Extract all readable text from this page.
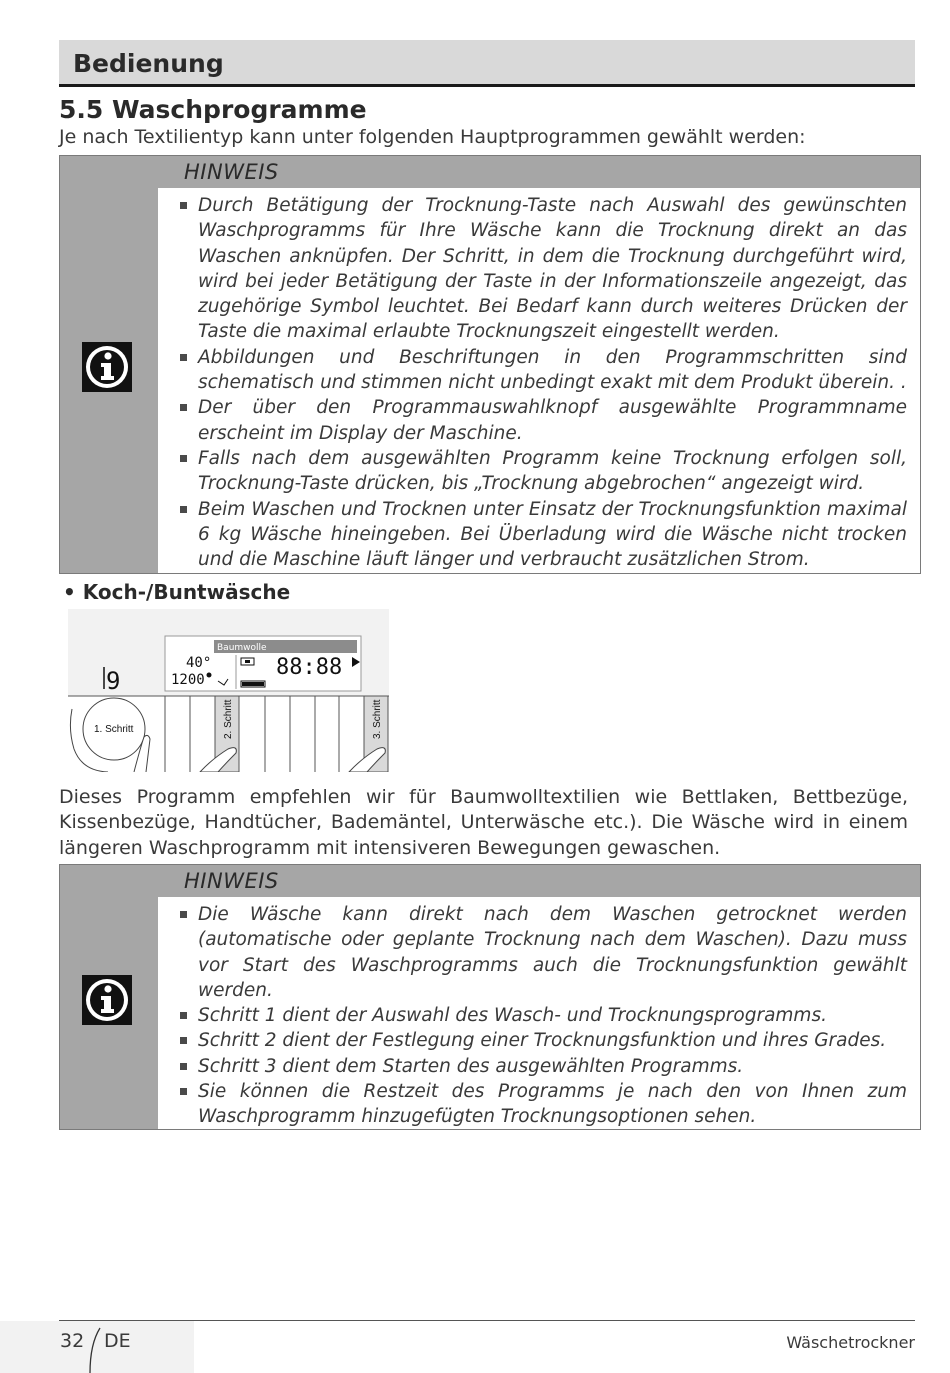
Bedienung
5.5 Waschprogramme
Je nach Textilientyp kann unter folgenden Hauptprogrammen gewählt werden:
HINWEIS
Durch Betätigung der Trocknung-Taste nach Auswahl des gewünschten Waschprogramms für Ihre Wäsche kann die Trocknung direkt an das Waschen anknüpfen. Der Schritt, in dem die Trocknung durchgeführt wird, wird bei jeder Betätigung der Taste in der Informationszeile angezeigt, das zugehörige Symbol leuchtet. Bei Bedarf kann durch weiteres Drücken der Taste die maximal erlaubte Trocknungszeit eingestellt werden.
Abbildungen und Beschriftungen in den Programmschritten sind schematisch und stimmen nicht unbedingt exakt mit dem Produkt überein. .
Der über den Programmauswahlknopf ausgewählte Programmname erscheint im Display der Maschine.
Falls nach dem ausgewählten Programm keine Trocknung erfolgen soll, Trocknung-Taste drücken, bis „Trocknung abgebrochen“ angezeigt wird.
Beim Waschen und Trocknen unter Einsatz der Trocknungsfunktion maximal 6 kg Wäsche hineingeben. Bei Überladung wird die Wäsche nicht trocken und die Maschine läuft länger und verbraucht zusätzlichen Strom.
• Koch-/Buntwäsche
9
Baumwolle
40°
1200	88:88
1. Schritt	2. Schritt	3. Schritt
Dieses Programm empfehlen wir für Baumwolltextilien wie Bettlaken, Bettbezüge, Kissenbezüge, Handtücher, Bademäntel, Unterwäsche etc.). Die Wäsche wird in einem längeren Waschprogramm mit intensiveren Bewegungen gewaschen.
HINWEIS
Die Wäsche kann direkt nach dem Waschen getrocknet werden (automatische oder geplante Trocknung nach dem Waschen). Dazu muss vor Start des Waschprogramms auch die Trocknungsfunktion gewählt werden.
Schritt 1 dient der Auswahl des Wasch- und Trocknungsprogramms.
Schritt 2 dient der Festlegung einer Trocknungsfunktion und ihres Grades.
Schritt 3 dient dem Starten des ausgewählten Programms.
Sie können die Restzeit des Programms je nach den von Ihnen zum Waschprogramm hinzugefügten Trocknungsoptionen sehen.
32 DE	Wäschetrockner
